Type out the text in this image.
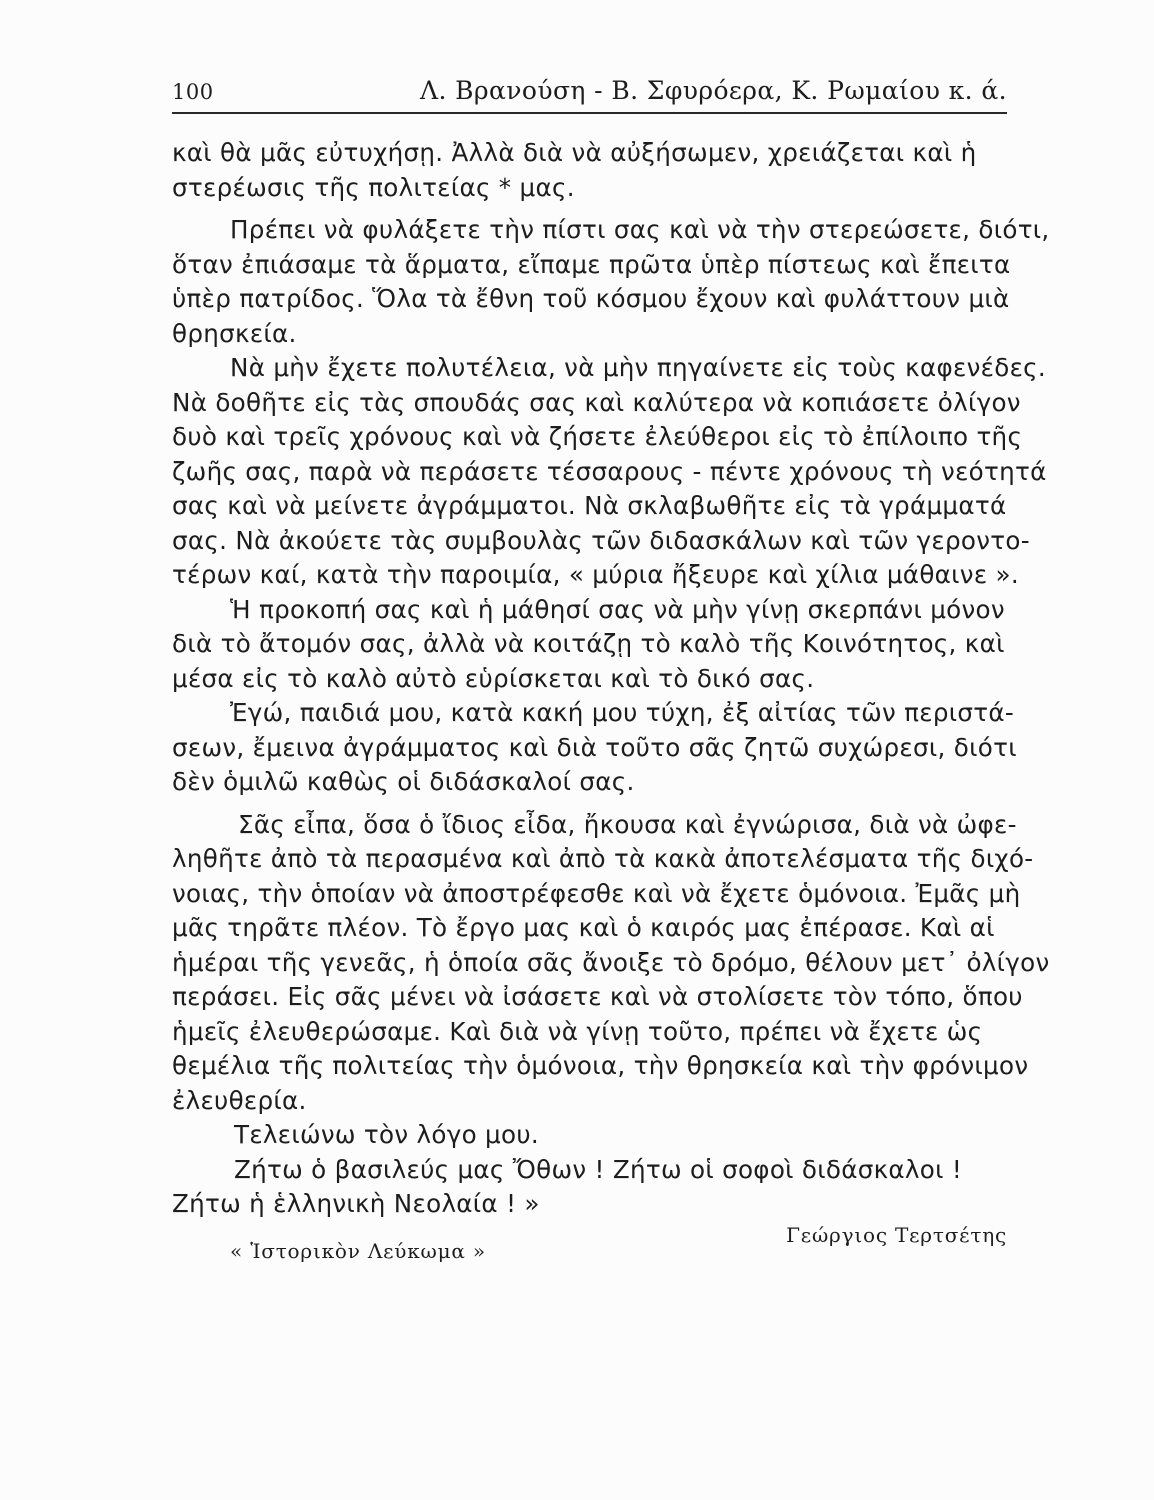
100	Λ. Βρανούση - Β. Σφυρόερα, Κ. Ρωμαίου κ. ά.
καὶ θὰ μᾶς εὐτυχήσῃ. Ἀλλὰ διὰ νὰ αὐξήσωμεν, χρειάζεται καὶ ἡ
στερέωσις τῆς πολιτείας * μας.
Πρέπει νὰ φυλάξετε τὴν πίστι σας καὶ νὰ τὴν στερεώσετε, διότι,
ὅταν ἐπιάσαμε τὰ ἅρματα, εἴπαμε πρῶτα ὑπὲρ πίστεως καὶ ἔπειτα
ὑπὲρ πατρίδος. Ὅλα τὰ ἔθνη τοῦ κόσμου ἔχουν καὶ φυλάττουν μιὰ
θρησκεία.
Νὰ μὴν ἔχετε πολυτέλεια, νὰ μὴν πηγαίνετε εἰς τοὺς καφενέδες.
Νὰ δοθῆτε εἰς τὰς σπουδάς σας καὶ καλύτερα νὰ κοπιάσετε ὀλίγον
δυὸ καὶ τρεῖς χρόνους καὶ νὰ ζήσετε ἐλεύθεροι εἰς τὸ ἐπίλοιπο τῆς
ζωῆς σας, παρὰ νὰ περάσετε τέσσαρους - πέντε χρόνους τὴ νεότητά
σας καὶ νὰ μείνετε ἀγράμματοι. Νὰ σκλαβωθῆτε εἰς τὰ γράμματά
σας. Νὰ ἀκούετε τὰς συμβουλὰς τῶν διδασκάλων καὶ τῶν γεροντο-
τέρων καί, κατὰ τὴν παροιμία, « μύρια ἤξευρε καὶ χίλια μάθαινε ».
Ἡ προκοπή σας καὶ ἡ μάθησί σας νὰ μὴν γίνῃ σκερπάνι μόνον
διὰ τὸ ἄτομόν σας, ἀλλὰ νὰ κοιτάζῃ τὸ καλὸ τῆς Κοινότητος, καὶ
μέσα εἰς τὸ καλὸ αὐτὸ εὑρίσκεται καὶ τὸ δικό σας.
Ἐγώ, παιδιά μου, κατὰ κακή μου τύχη, ἐξ αἰτίας τῶν περιστά-
σεων, ἔμεινα ἀγράμματος καὶ διὰ τοῦτο σᾶς ζητῶ συχώρεσι, διότι
δὲν ὁμιλῶ καθὼς οἱ διδάσκαλοί σας.
Σᾶς εἶπα, ὅσα ὁ ἴδιος εἶδα, ἤκουσα καὶ ἐγνώρισα, διὰ νὰ ὠφε-
ληθῆτε ἀπὸ τὰ περασμένα καὶ ἀπὸ τὰ κακὰ ἀποτελέσματα τῆς διχό-
νοιας, τὴν ὁποίαν νὰ ἀποστρέφεσθε καὶ νὰ ἔχετε ὁμόνοια. Ἐμᾶς μὴ
μᾶς τηρᾶτε πλέον. Τὸ ἔργο μας καὶ ὁ καιρός μας ἐπέρασε. Καὶ αἱ
ἡμέραι τῆς γενεᾶς, ἡ ὁποία σᾶς ἄνοιξε τὸ δρόμο, θέλουν μετ᾽ ὀλίγον
περάσει. Εἰς σᾶς μένει νὰ ἰσάσετε καὶ νὰ στολίσετε τὸν τόπο, ὅπου
ἡμεῖς ἐλευθερώσαμε. Καὶ διὰ νὰ γίνῃ τοῦτο, πρέπει νὰ ἔχετε ὡς
θεμέλια τῆς πολιτείας τὴν ὁμόνοια, τὴν θρησκεία καὶ τὴν φρόνιμον
ἐλευθερία.
Τελειώνω τὸν λόγο μου.
Ζήτω ὁ βασιλεύς μας Ὄθων ! Ζήτω οἱ σοφοὶ διδάσκαλοι !
Ζήτω ἡ ἑλληνικὴ Νεολαία ! »
« Ἱστορικὸν Λεύκωμα »
Γεώργιος Τερτσέτης
